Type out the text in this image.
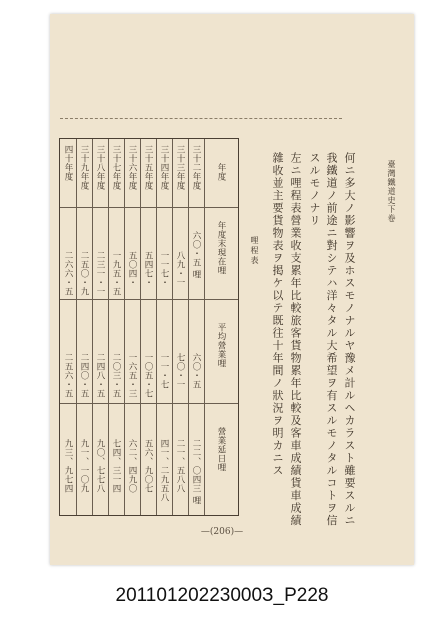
臺灣鐵道史下卷
何ニ多大ノ影響ヲ及ホスモノナルヤ豫メ計ルヘカラスト雖要スルニ
我鐵道ノ前途ニ對シテハ洋々タル大希望ヲ有スルモノタルコトヲ信
スルモノナリ
左ニ哩程表營業收支累年比較旅客貨物累年比較及客車成績貨車成績
雜收並主要貨物表ヲ掲ケ以テ既往十年間ノ狀況ヲ明カニス
哩程表
年度
年度末現在哩
平均營業哩
營業延日哩
三十二年度
六〇・五 哩
六〇・五
二二、〇四三 哩
三十三年度
八九・一
七〇・一
二一、五八八
三十四年度
一一七・
一一・七
四一、二九五八
三十五年度
五四七・
一〇五・七
五六、九〇七
三十六年度
五〇四・
一六五・三
六二、四九〇
三十七年度
一九五・五
二〇三・五
七四、三一四
三十八年度
二三一・一
二四八・五
九〇、七七八
三十九年度
二五〇・九
二四〇・五
九一、一〇九
四十年度
二六六・五
二五六・五
九三、九七四
—(206)—
20110120223000З_P228
